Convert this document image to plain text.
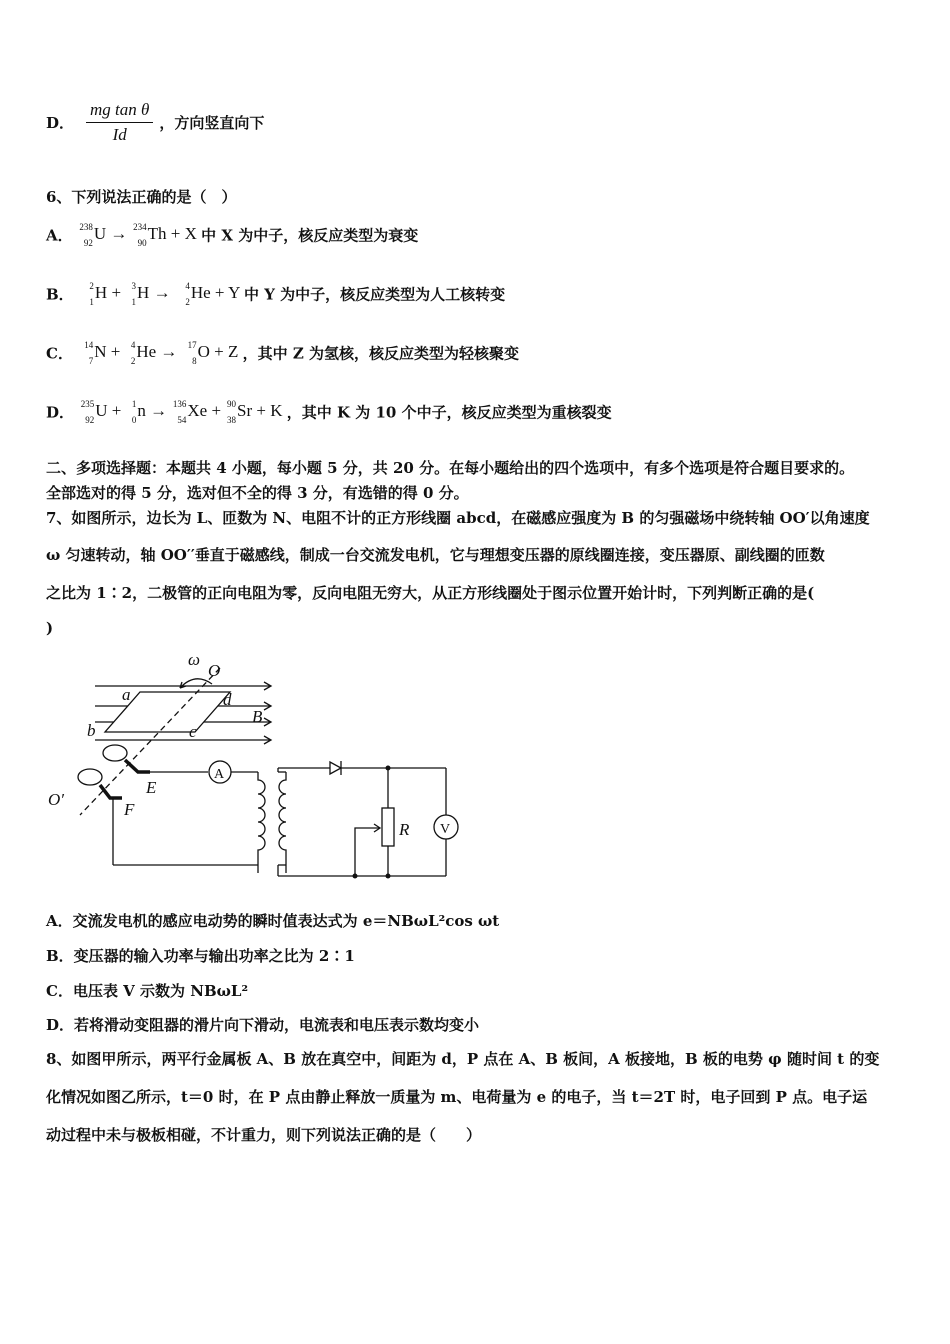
D． $\frac{\text{mg tan θ}}{Id}$ ，方向竖直向下
6、下列说法正确的是（　）
A． 238
92
U → 234
90
Th + X 中 X 为中子，核反应类型为衰变
B． 2
1
H + 3
1
H → 4
2
He + Y 中 Y 为中子，核反应类型为人工核转变
C． 14
7
N + 4
2
He → 17
8
O + Z ，其中 Z 为氢核，核反应类型为轻核聚变
D． 235
92
U + 1
0
n → 136
54
Xe + 90
38
Sr + K ，其中 K 为 10 个中子，核反应类型为重核裂变
二、多项选择题：本题共 4 小题，每小题 5 分，共 20 分。在每小题给出的四个选项中，有多个选项是符合题目要求的。
全部选对的得 5 分，选对但不全的得 3 分，有选错的得 0 分。
7、如图所示，边长为 L、匝数为 N、电阻不计的正方形线圈 abcd，在磁感应强度为 B 的匀强磁场中绕转轴 OO′以角速度
ω 匀速转动，轴 OO′′垂直于磁感线，制成一台交流发电机，它与理想变压器的原线圈连接，变压器原、副线圈的匝数
之比为 1∶2，二极管的正向电阻为零，反向电阻无穷大，从正方形线圈处于图示位置开始计时，下列判断正确的是(
)
ω
O
a	d
B
b	c
E
F
O′
A
R V
A．交流发电机的感应电动势的瞬时值表达式为 e＝NBωL²cos ωt
B．变压器的输入功率与输出功率之比为 2∶1
C．电压表 V 示数为 NBωL²
D．若将滑动变阻器的滑片向下滑动，电流表和电压表示数均变小
8、如图甲所示，两平行金属板 A、B 放在真空中，间距为 d，P 点在 A、B 板间，A 板接地，B 板的电势 φ 随时间 t 的变
化情况如图乙所示，t＝0 时，在 P 点由静止释放一质量为 m、电荷量为 e 的电子，当 t＝2T 时，电子回到 P 点。电子运
动过程中未与极板相碰，不计重力，则下列说法正确的是（　　）
